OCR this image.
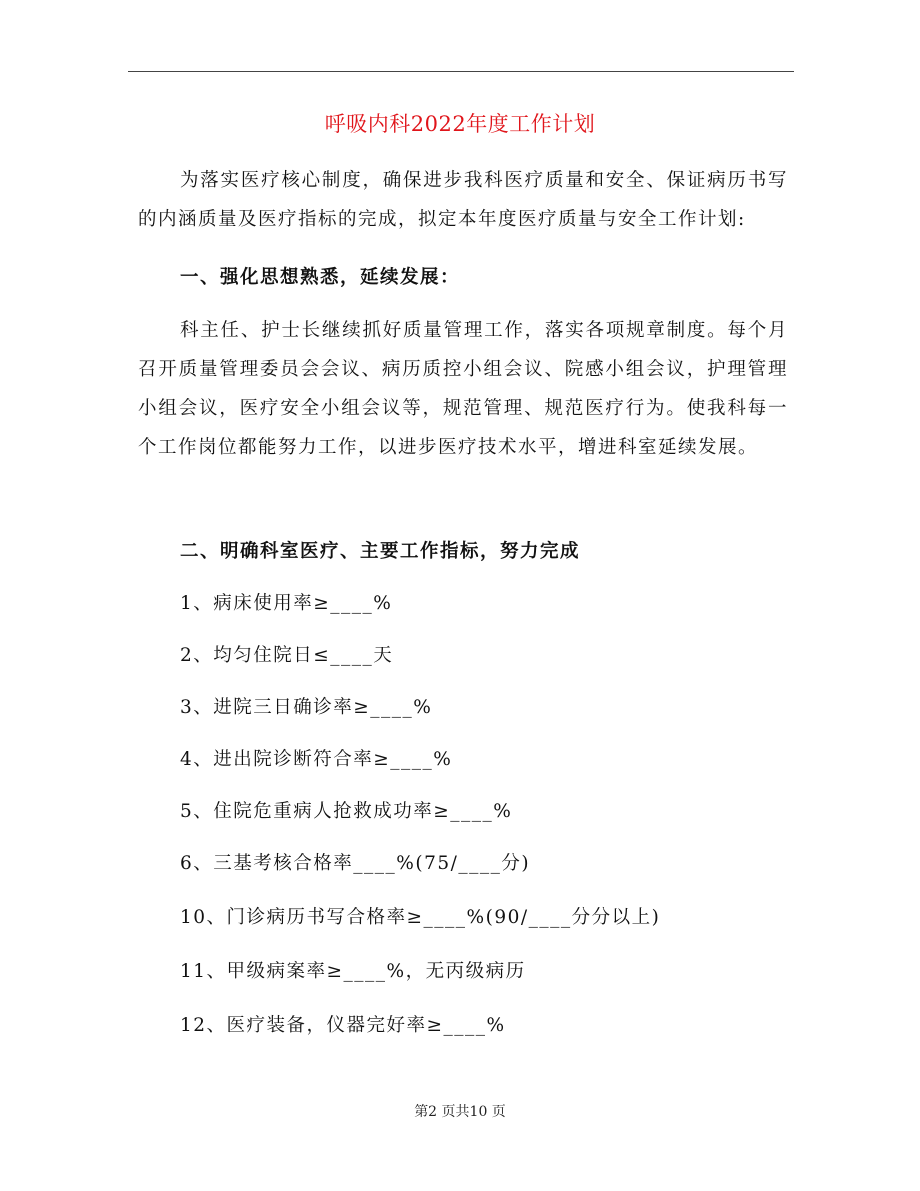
呼吸内科2022年度工作计划
为落实医疗核心制度，确保进步我科医疗质量和安全、保证病历书写的内涵质量及医疗指标的完成，拟定本年度医疗质量与安全工作计划:
一、强化思想熟悉，延续发展：
科主任、护士长继续抓好质量管理工作，落实各项规章制度。每个月召开质量管理委员会会议、病历质控小组会议、院感小组会议，护理管理小组会议，医疗安全小组会议等，规范管理、规范医疗行为。使我科每一个工作岗位都能努力工作，以进步医疗技术水平，增进科室延续发展。
二、明确科室医疗、主要工作指标，努力完成
1、病床使用率≥____%
2、均匀住院日≤____天
3、进院三日确诊率≥____%
4、进出院诊断符合率≥____%
5、住院危重病人抢救成功率≥____%
6、三基考核合格率____%(75/____分)
10、门诊病历书写合格率≥____%(90/____分分以上)
11、甲级病案率≥____%，无丙级病历
12、医疗装备，仪器完好率≥____%
第2 页共10 页
